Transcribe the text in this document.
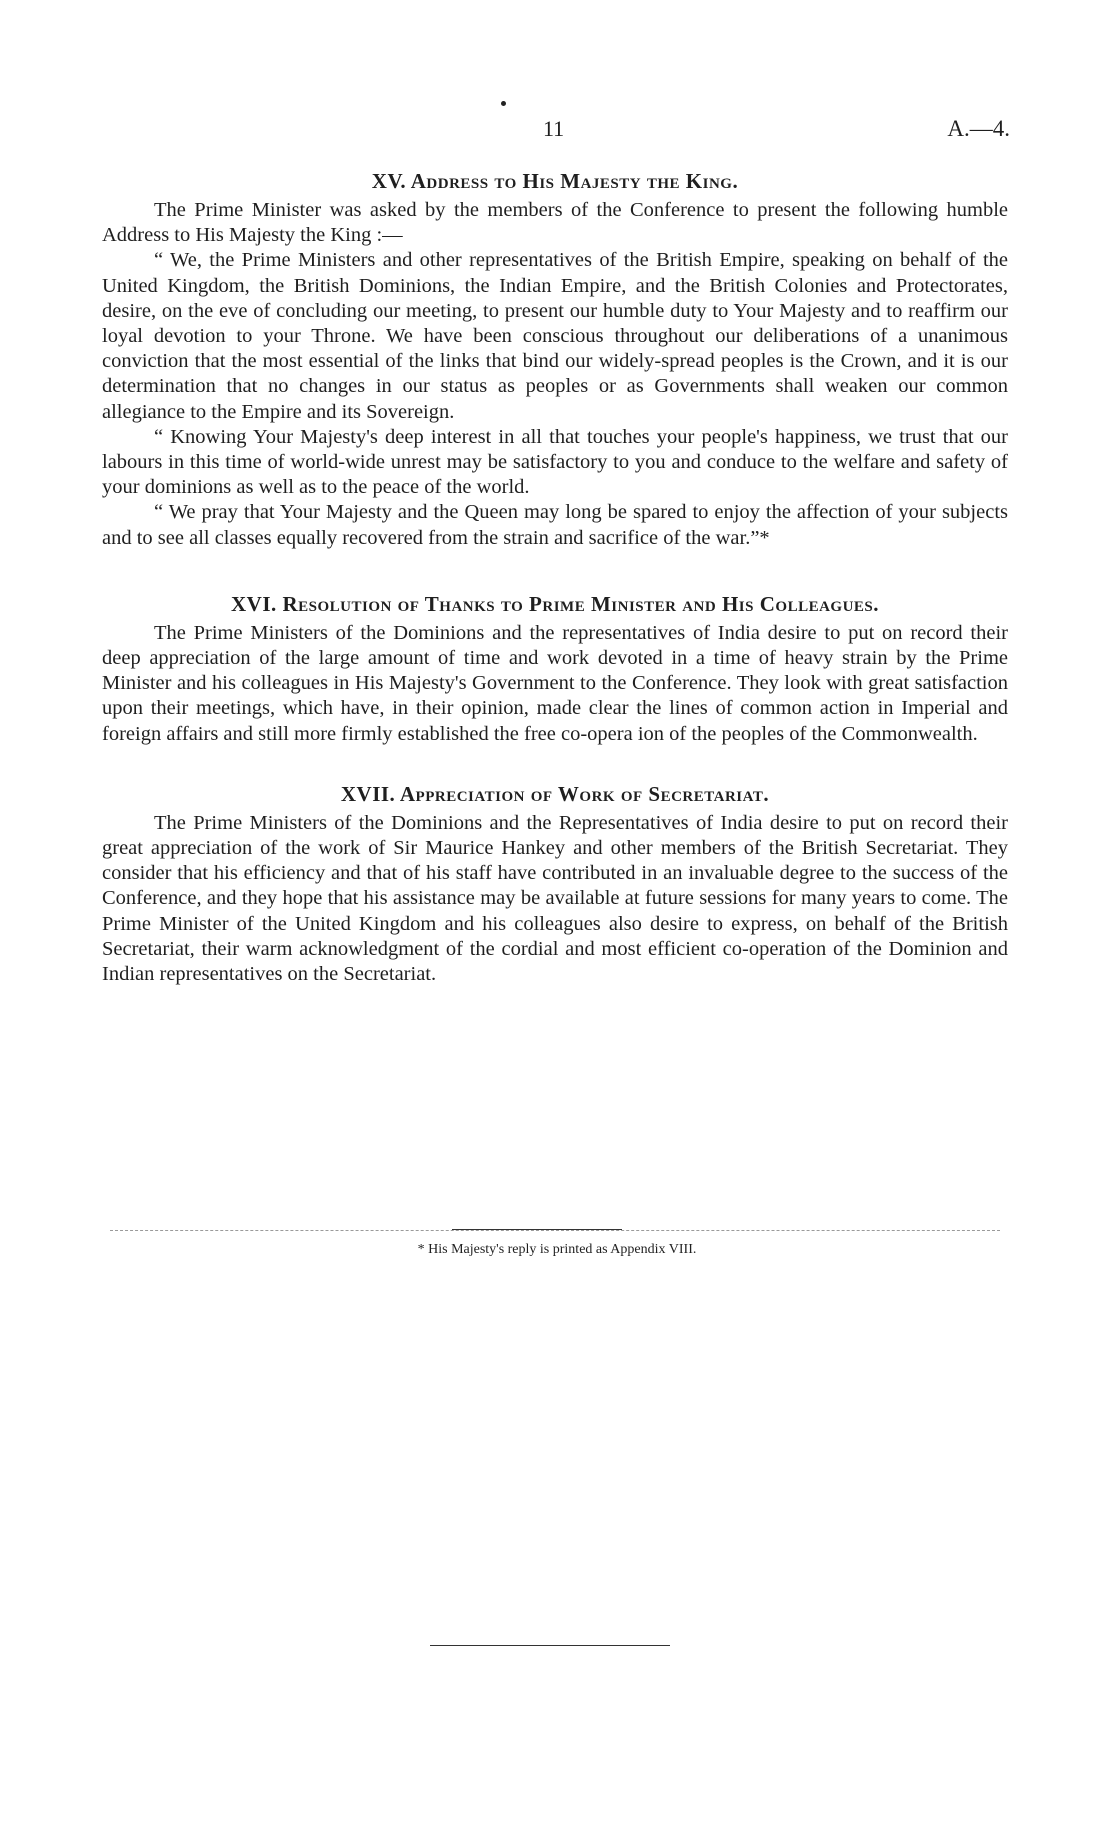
11	A.—4.
XV. Address to His Majesty the King.

The Prime Minister was asked by the members of the Conference to present the following humble Address to His Majesty the King :—

“ We, the Prime Ministers and other representatives of the British Empire, speaking on behalf of the United Kingdom, the British Dominions, the Indian Empire, and the British Colonies and Protectorates, desire, on the eve of concluding our meeting, to present our humble duty to Your Majesty and to reaffirm our loyal devotion to your Throne. We have been conscious throughout our deliberations of a unanimous conviction that the most essential of the links that bind our widely-spread peoples is the Crown, and it is our determination that no changes in our status as peoples or as Governments shall weaken our common allegiance to the Empire and its Sovereign.

“ Knowing Your Majesty's deep interest in all that touches your people's happiness, we trust that our labours in this time of world-wide unrest may be satisfactory to you and conduce to the welfare and safety of your dominions as well as to the peace of the world.

“ We pray that Your Majesty and the Queen may long be spared to enjoy the affection of your subjects and to see all classes equally recovered from the strain and sacrifice of the war.”*

XVI. Resolution of Thanks to Prime Minister and His Colleagues.

The Prime Ministers of the Dominions and the representatives of India desire to put on record their deep appreciation of the large amount of time and work devoted in a time of heavy strain by the Prime Minister and his colleagues in His Majesty's Government to the Conference. They look with great satisfaction upon their meetings, which have, in their opinion, made clear the lines of common action in Imperial and foreign affairs and still more firmly established the free co-opera ion of the peoples of the Commonwealth.

XVII. Appreciation of Work of Secretariat.

The Prime Ministers of the Dominions and the Representatives of India desire to put on record their great appreciation of the work of Sir Maurice Hankey and other members of the British Secretariat. They consider that his efficiency and that of his staff have contributed in an invaluable degree to the success of the Conference, and they hope that his assistance may be available at future sessions for many years to come. The Prime Minister of the United Kingdom and his colleagues also desire to express, on behalf of the British Secretariat, their warm acknowledgment of the cordial and most efficient co-operation of the Dominion and Indian representatives on the Secretariat.

* His Majesty's reply is printed as Appendix VIII.
